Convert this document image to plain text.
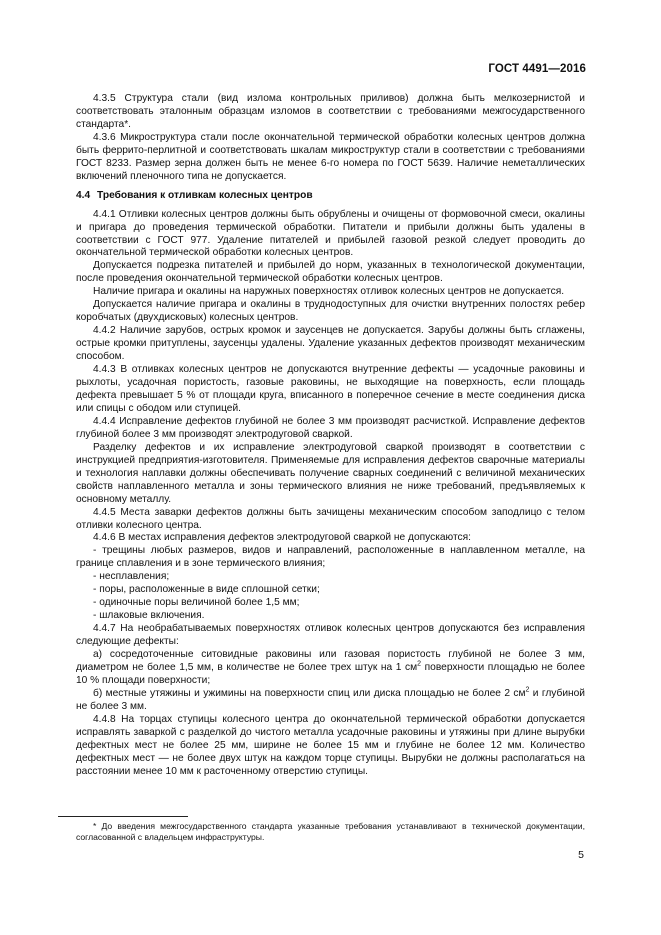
ГОСТ 4491—2016

4.3.5 Структура стали (вид излома контрольных приливов) должна быть мелкозернистой и соответствовать эталонным образцам изломов в соответствии с требованиями межгосударственного стандарта*.

4.3.6 Микроструктура стали после окончательной термической обработки колесных центров должна быть феррито-перлитной и соответствовать шкалам микроструктур стали в соответствии с требованиями ГОСТ 8233. Размер зерна должен быть не менее 6-го номера по ГОСТ 5639. Наличие неметаллических включений пленочного типа не допускается.

4.4 Требования к отливкам колесных центров

4.4.1 Отливки колесных центров должны быть обрублены и очищены от формовочной смеси, окалины и пригара до проведения термической обработки. Питатели и прибыли должны быть удалены в соответствии с ГОСТ 977. Удаление питателей и прибылей газовой резкой следует проводить до окончательной термической обработки колесных центров.

Допускается подрезка питателей и прибылей до норм, указанных в технологической документации, после проведения окончательной термической обработки колесных центров.

Наличие пригара и окалины на наружных поверхностях отливок колесных центров не допускается.

Допускается наличие пригара и окалины в труднодоступных для очистки внутренних полостях ребер коробчатых (двухдисковых) колесных центров.

4.4.2 Наличие зарубов, острых кромок и заусенцев не допускается. Зарубы должны быть сглажены, острые кромки притуплены, заусенцы удалены. Удаление указанных дефектов производят механическим способом.

4.4.3 В отливках колесных центров не допускаются внутренние дефекты — усадочные раковины и рыхлоты, усадочная пористость, газовые раковины, не выходящие на поверхность, если площадь дефекта превышает 5 % от площади круга, вписанного в поперечное сечение в месте соединения диска или спицы с ободом или ступицей.

4.4.4 Исправление дефектов глубиной не более 3 мм производят расчисткой. Исправление дефектов глубиной более 3 мм производят электродуговой сваркой.

Разделку дефектов и их исправление электродуговой сваркой производят в соответствии с инструкцией предприятия-изготовителя. Применяемые для исправления дефектов сварочные материалы и технология наплавки должны обеспечивать получение сварных соединений с величиной механических свойств наплавленного металла и зоны термического влияния не ниже требований, предъявляемых к основному металлу.

4.4.5 Места заварки дефектов должны быть зачищены механическим способом заподлицо с телом отливки колесного центра.

4.4.6 В местах исправления дефектов электродуговой сваркой не допускаются:

- трещины любых размеров, видов и направлений, расположенные в наплавленном металле, на границе сплавления и в зоне термического влияния;

- несплавления;

- поры, расположенные в виде сплошной сетки;

- одиночные поры величиной более 1,5 мм;

- шлаковые включения.

4.4.7 На необрабатываемых поверхностях отливок колесных центров допускаются без исправления следующие дефекты:

а) сосредоточенные ситовидные раковины или газовая пористость глубиной не более 3 мм, диаметром не более 1,5 мм, в количестве не более трех штук на 1 $см^2$ поверхности площадью не более 10 % площади поверхности;

б) местные утяжины и ужимины на поверхности спиц или диска площадью не более 2 $см^2$ и глубиной не более 3 мм.

4.4.8 На торцах ступицы колесного центра до окончательной термической обработки допускается исправлять заваркой с разделкой до чистого металла усадочные раковины и утяжины при длине вырубки дефектных мест не более 25 мм, ширине не более 15 мм и глубине не более 12 мм. Количество дефектных мест — не более двух штук на каждом торце ступицы. Вырубки не должны располагаться на расстоянии менее 10 мм к расточенному отверстию ступицы.

* До введения межгосударственного стандарта указанные требования устанавливают в технической документации, согласованной с владельцем инфраструктуры.

5
